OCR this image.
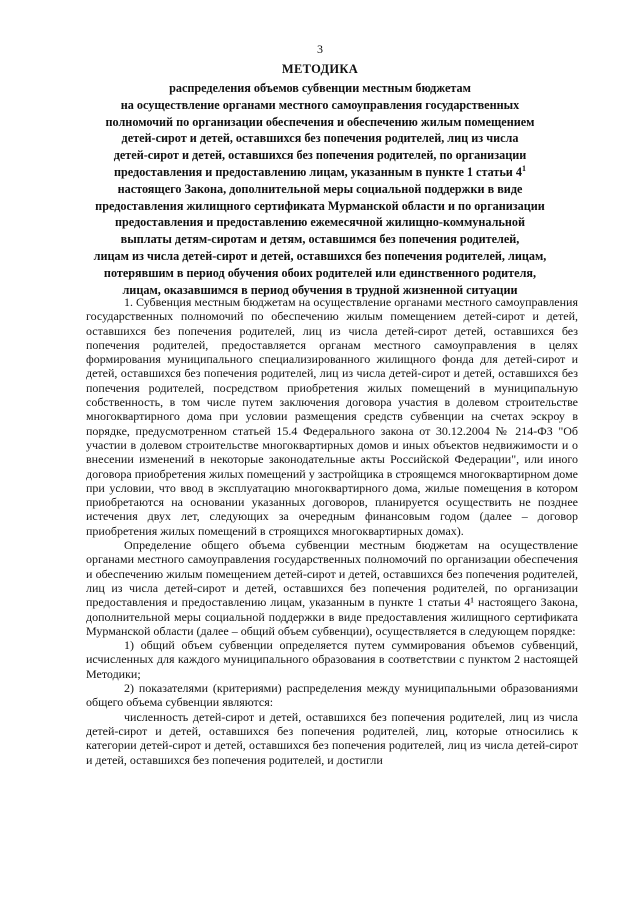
3
МЕТОДИКА
распределения объемов субвенции местным бюджетам
на осуществление органами местного самоуправления государственных
полномочий по организации обеспечения и обеспечению жилым помещением
детей-сирот и детей, оставшихся без попечения родителей, лиц из числа
детей-сирот и детей, оставшихся без попечения родителей, по организации
предоставления и предоставлению лицам, указанным в пункте 1 статьи $4^1$
настоящего Закона, дополнительной меры социальной поддержки в виде
предоставления жилищного сертификата Мурманской области и по организации
предоставления и предоставлению ежемесячной жилищно-коммунальной
выплаты детям-сиротам и детям, оставшимся без попечения родителей,
лицам из числа детей-сирот и детей, оставшихся без попечения родителей, лицам,
потерявшим в период обучения обоих родителей или единственного родителя,
лицам, оказавшимся в период обучения в трудной жизненной ситуации

1. Субвенция местным бюджетам на осуществление органами местного самоуправления государственных полномочий по обеспечению жилым помещением детей-сирот и детей, оставшихся без попечения родителей, лиц из числа детей-сирот детей, оставшихся без попечения родителей, предоставляется органам местного самоуправления в целях формирования муниципального специализированного жилищного фонда для детей-сирот и детей, оставшихся без попечения родителей, лиц из числа детей-сирот и детей, оставшихся без попечения родителей, посредством приобретения жилых помещений в муниципальную собственность, в том числе путем заключения договора участия в долевом строительстве многоквартирного дома при условии размещения средств субвенции на счетах эскроу в порядке, предусмотренном статьей 15.4 Федерального закона от 30.12.2004 № 214-ФЗ "Об участии в долевом строительстве многоквартирных домов и иных объектов недвижимости и о внесении изменений в некоторые законодательные акты Российской Федерации", или иного договора приобретения жилых помещений у застройщика в строящемся многоквартирном доме при условии, что ввод в эксплуатацию многоквартирного дома, жилые помещения в котором приобретаются на основании указанных договоров, планируется осуществить не позднее истечения двух лет, следующих за очередным финансовым годом (далее – договор приобретения жилых помещений в строящихся многоквартирных домах).

Определение общего объема субвенции местным бюджетам на осуществление органами местного самоуправления государственных полномочий по организации обеспечения и обеспечению жилым помещением детей-сирот и детей, оставшихся без попечения родителей, лиц из числа детей-сирот и детей, оставшихся без попечения родителей, по организации предоставления и предоставлению лицам, указанным в пункте 1 статьи 4¹ настоящего Закона, дополнительной меры социальной поддержки в виде предоставления жилищного сертификата Мурманской области (далее – общий объем субвенции), осуществляется в следующем порядке:

1) общий объем субвенции определяется путем суммирования объемов субвенций, исчисленных для каждого муниципального образования в соответствии с пунктом 2 настоящей Методики;

2) показателями (критериями) распределения между муниципальными образованиями общего объема субвенции являются:

численность детей-сирот и детей, оставшихся без попечения родителей, лиц из числа детей-сирот и детей, оставшихся без попечения родителей, лиц, которые относились к категории детей-сирот и детей, оставшихся без попечения родителей, лиц из числа детей-сирот и детей, оставшихся без попечения родителей, и достигли
